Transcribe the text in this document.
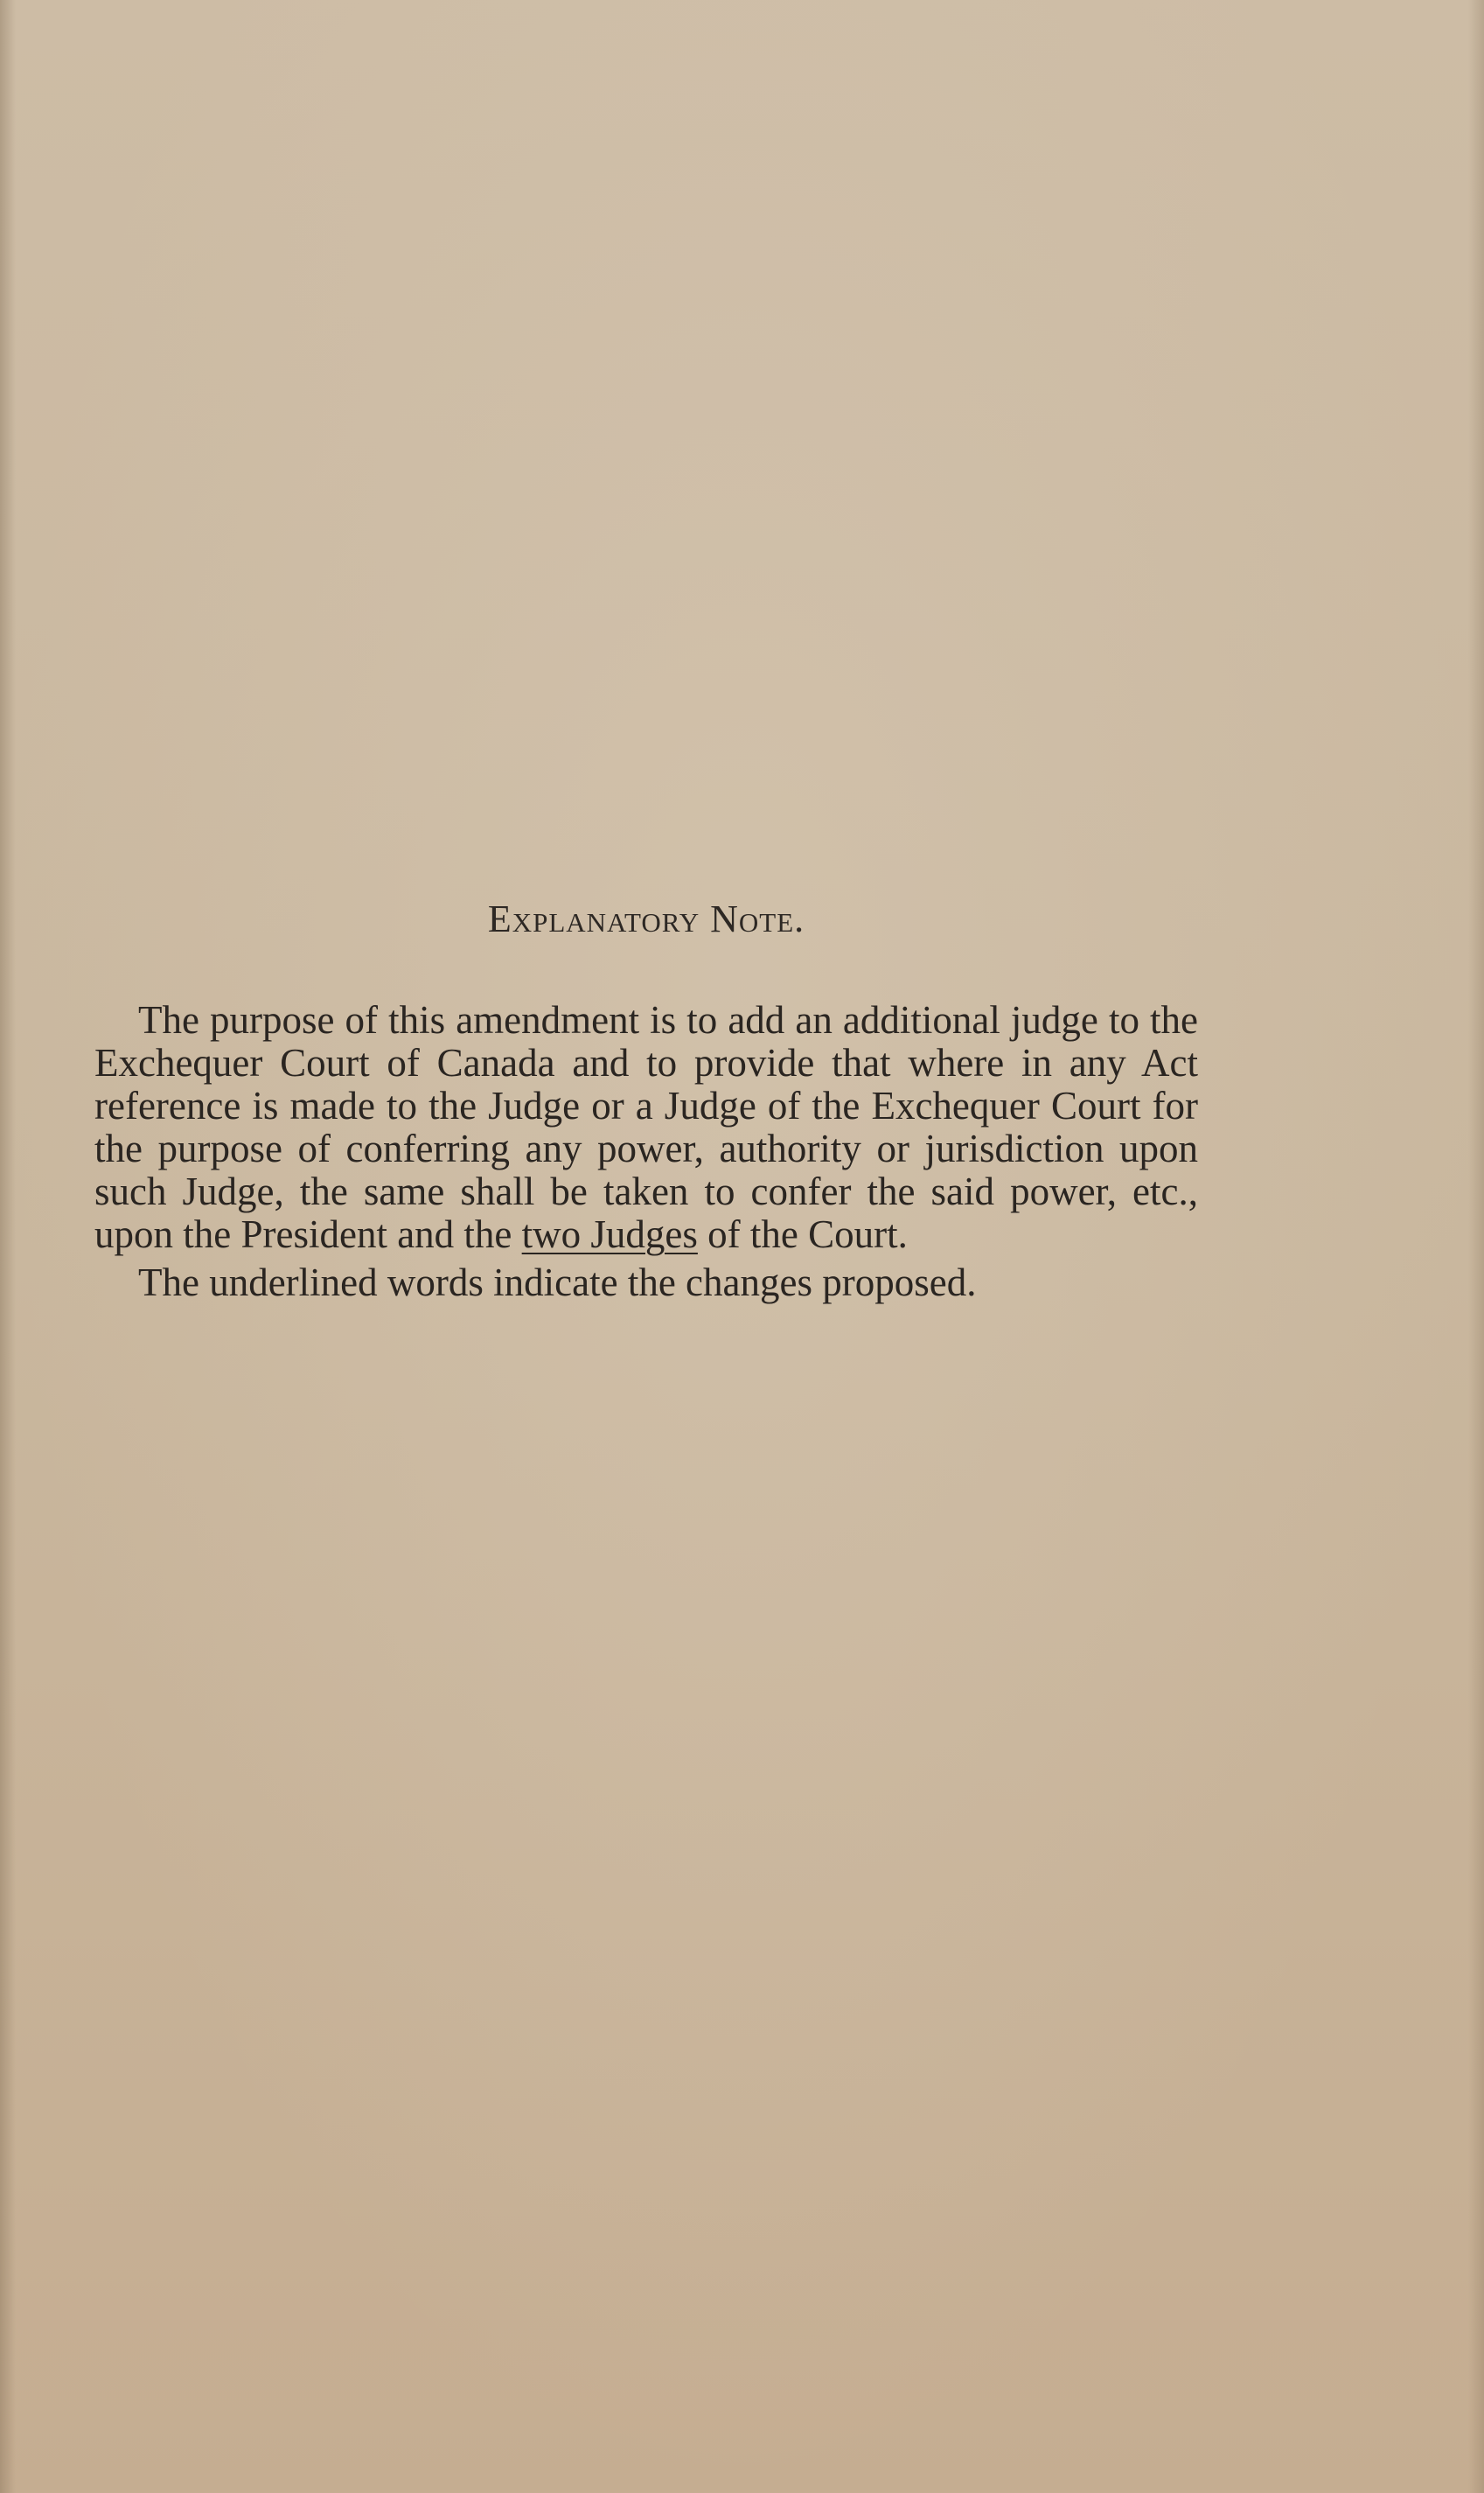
Explanatory Note.

The purpose of this amendment is to add an additional judge to the Exchequer Court of Canada and to provide that where in any Act reference is made to the Judge or a Judge of the Exchequer Court for the purpose of conferring any power, authority or jurisdiction upon such Judge, the same shall be taken to confer the said power, etc., upon the President and the two Judges of the Court.

The underlined words indicate the changes proposed.
